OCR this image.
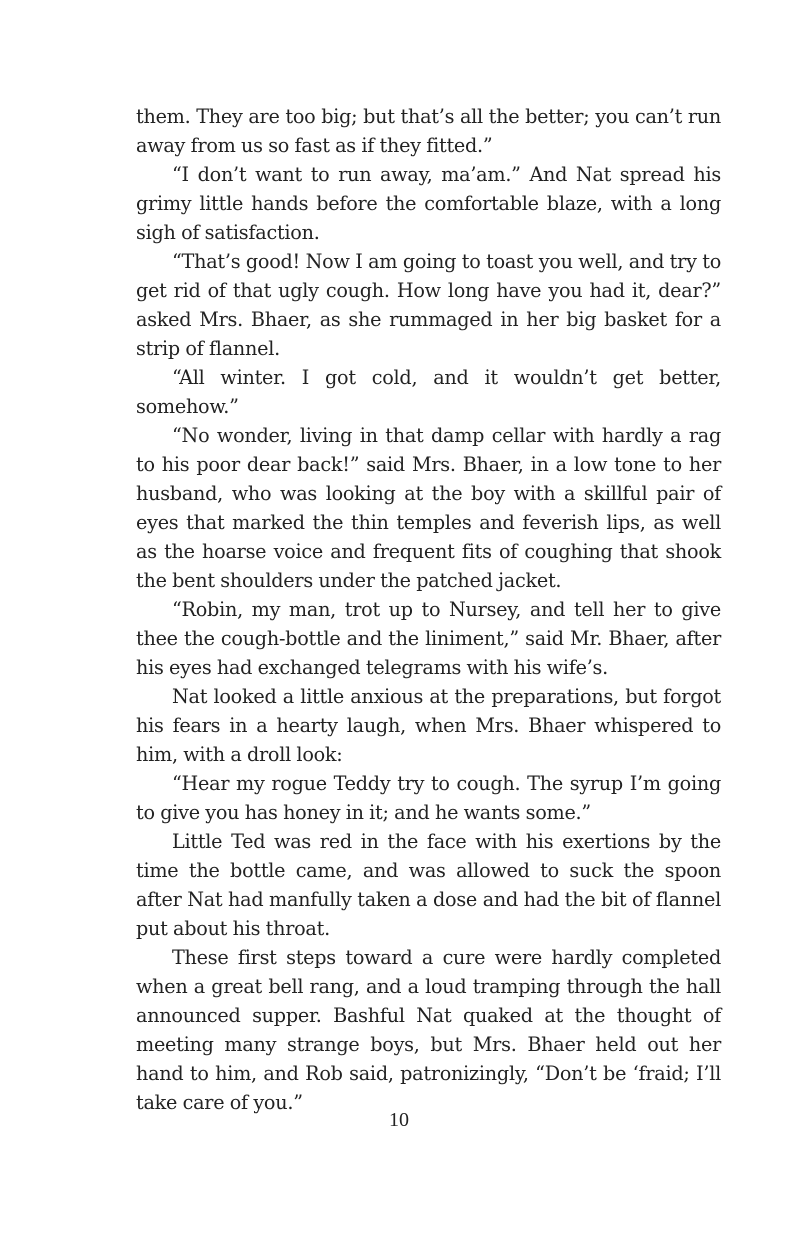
them. They are too big; but that’s all the better; you can’t run away from us so fast as if they fitted.”

“I don’t want to run away, ma’am.” And Nat spread his grimy little hands before the comfortable blaze, with a long sigh of satisfaction.

“That’s good! Now I am going to toast you well, and try to get rid of that ugly cough. How long have you had it, dear?” asked Mrs. Bhaer, as she rummaged in her big basket for a strip of flannel.

“All winter. I got cold, and it wouldn’t get better, somehow.”

“No wonder, living in that damp cellar with hardly a rag to his poor dear back!” said Mrs. Bhaer, in a low tone to her husband, who was looking at the boy with a skillful pair of eyes that marked the thin temples and feverish lips, as well as the hoarse voice and frequent fits of coughing that shook the bent shoulders under the patched jacket.

“Robin, my man, trot up to Nursey, and tell her to give thee the cough-bottle and the liniment,” said Mr. Bhaer, after his eyes had exchanged telegrams with his wife’s.

Nat looked a little anxious at the preparations, but forgot his fears in a hearty laugh, when Mrs. Bhaer whispered to him, with a droll look:

“Hear my rogue Teddy try to cough. The syrup I’m going to give you has honey in it; and he wants some.”

Little Ted was red in the face with his exertions by the time the bottle came, and was allowed to suck the spoon after Nat had manfully taken a dose and had the bit of flannel put about his throat.

These first steps toward a cure were hardly completed when a great bell rang, and a loud tramping through the hall announced supper. Bashful Nat quaked at the thought of meeting many strange boys, but Mrs. Bhaer held out her hand to him, and Rob said, patronizingly, “Don’t be ‘fraid; I’ll take care of you.”

10
